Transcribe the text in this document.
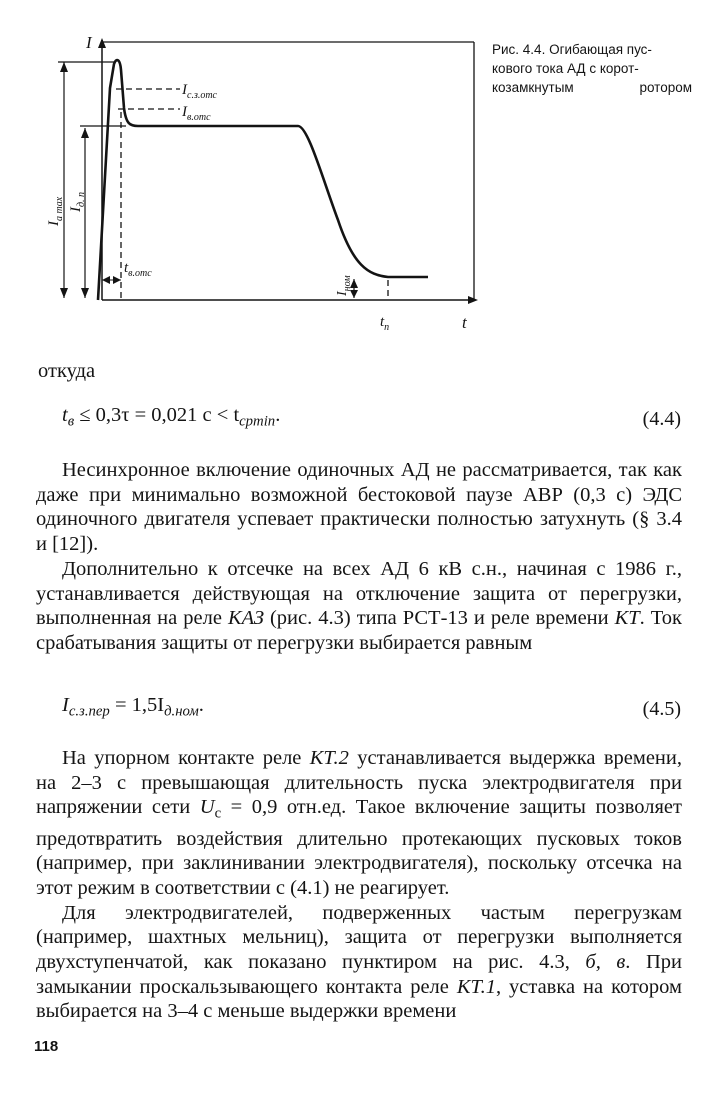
I
t
$I_{с.з.отс}$
$I_{в.отс}$
$t_{в.отс}$
$I_{a max}$ $I_{д. п}$
$I_{ном}$
$t_п$

Рис. 4.4. Огибающая пус-

кового тока АД с корот-

козамкнутым	ротором

откуда
$t_в \le 0,3\tau = 0,021$ $с < t_{срmin}$.	(4.4)

Несинхронное включение одиночных АД не рассматривается, так как даже при минимально возможной бестоковой паузе АВР (0,3 с) ЭДС одиночного двигателя успевает практически полностью затухнуть (§ 3.4 и [12]).

Дополнительно к отсечке на всех АД 6 кВ с.н., начиная с 1986 г., устанавливается действующая на отключение защита от перегрузки, выполненная на реле КАЗ (рис. 4.3) типа РСТ-13 и реле времени КТ. Ток срабатывания защиты от перегрузки выбирается равным

$I_{с.з.пер} = 1,5I_{д.ном}$.	(4.5)

На упорном контакте реле КТ.2 устанавливается выдержка времени, на 2–3 с превышающая длительность пуска электродвигателя при напряжении сети $U_с = 0,9$ отн.ед. Такое включение защиты позволяет предотвратить воздействия длительно протекающих пусковых токов (например, при заклинивании электродвигателя), поскольку отсечка на этот режим в соответствии с (4.1) не реагирует.

Для электродвигателей, подверженных частым перегрузкам (например, шахтных мельниц), защита от перегрузки выполняется двухступенчатой, как показано пунктиром на рис. 4.3, б, в. При замыкании проскальзывающего контакта реле КТ.1, уставка на котором выбирается на 3–4 с меньше выдержки времени

118
